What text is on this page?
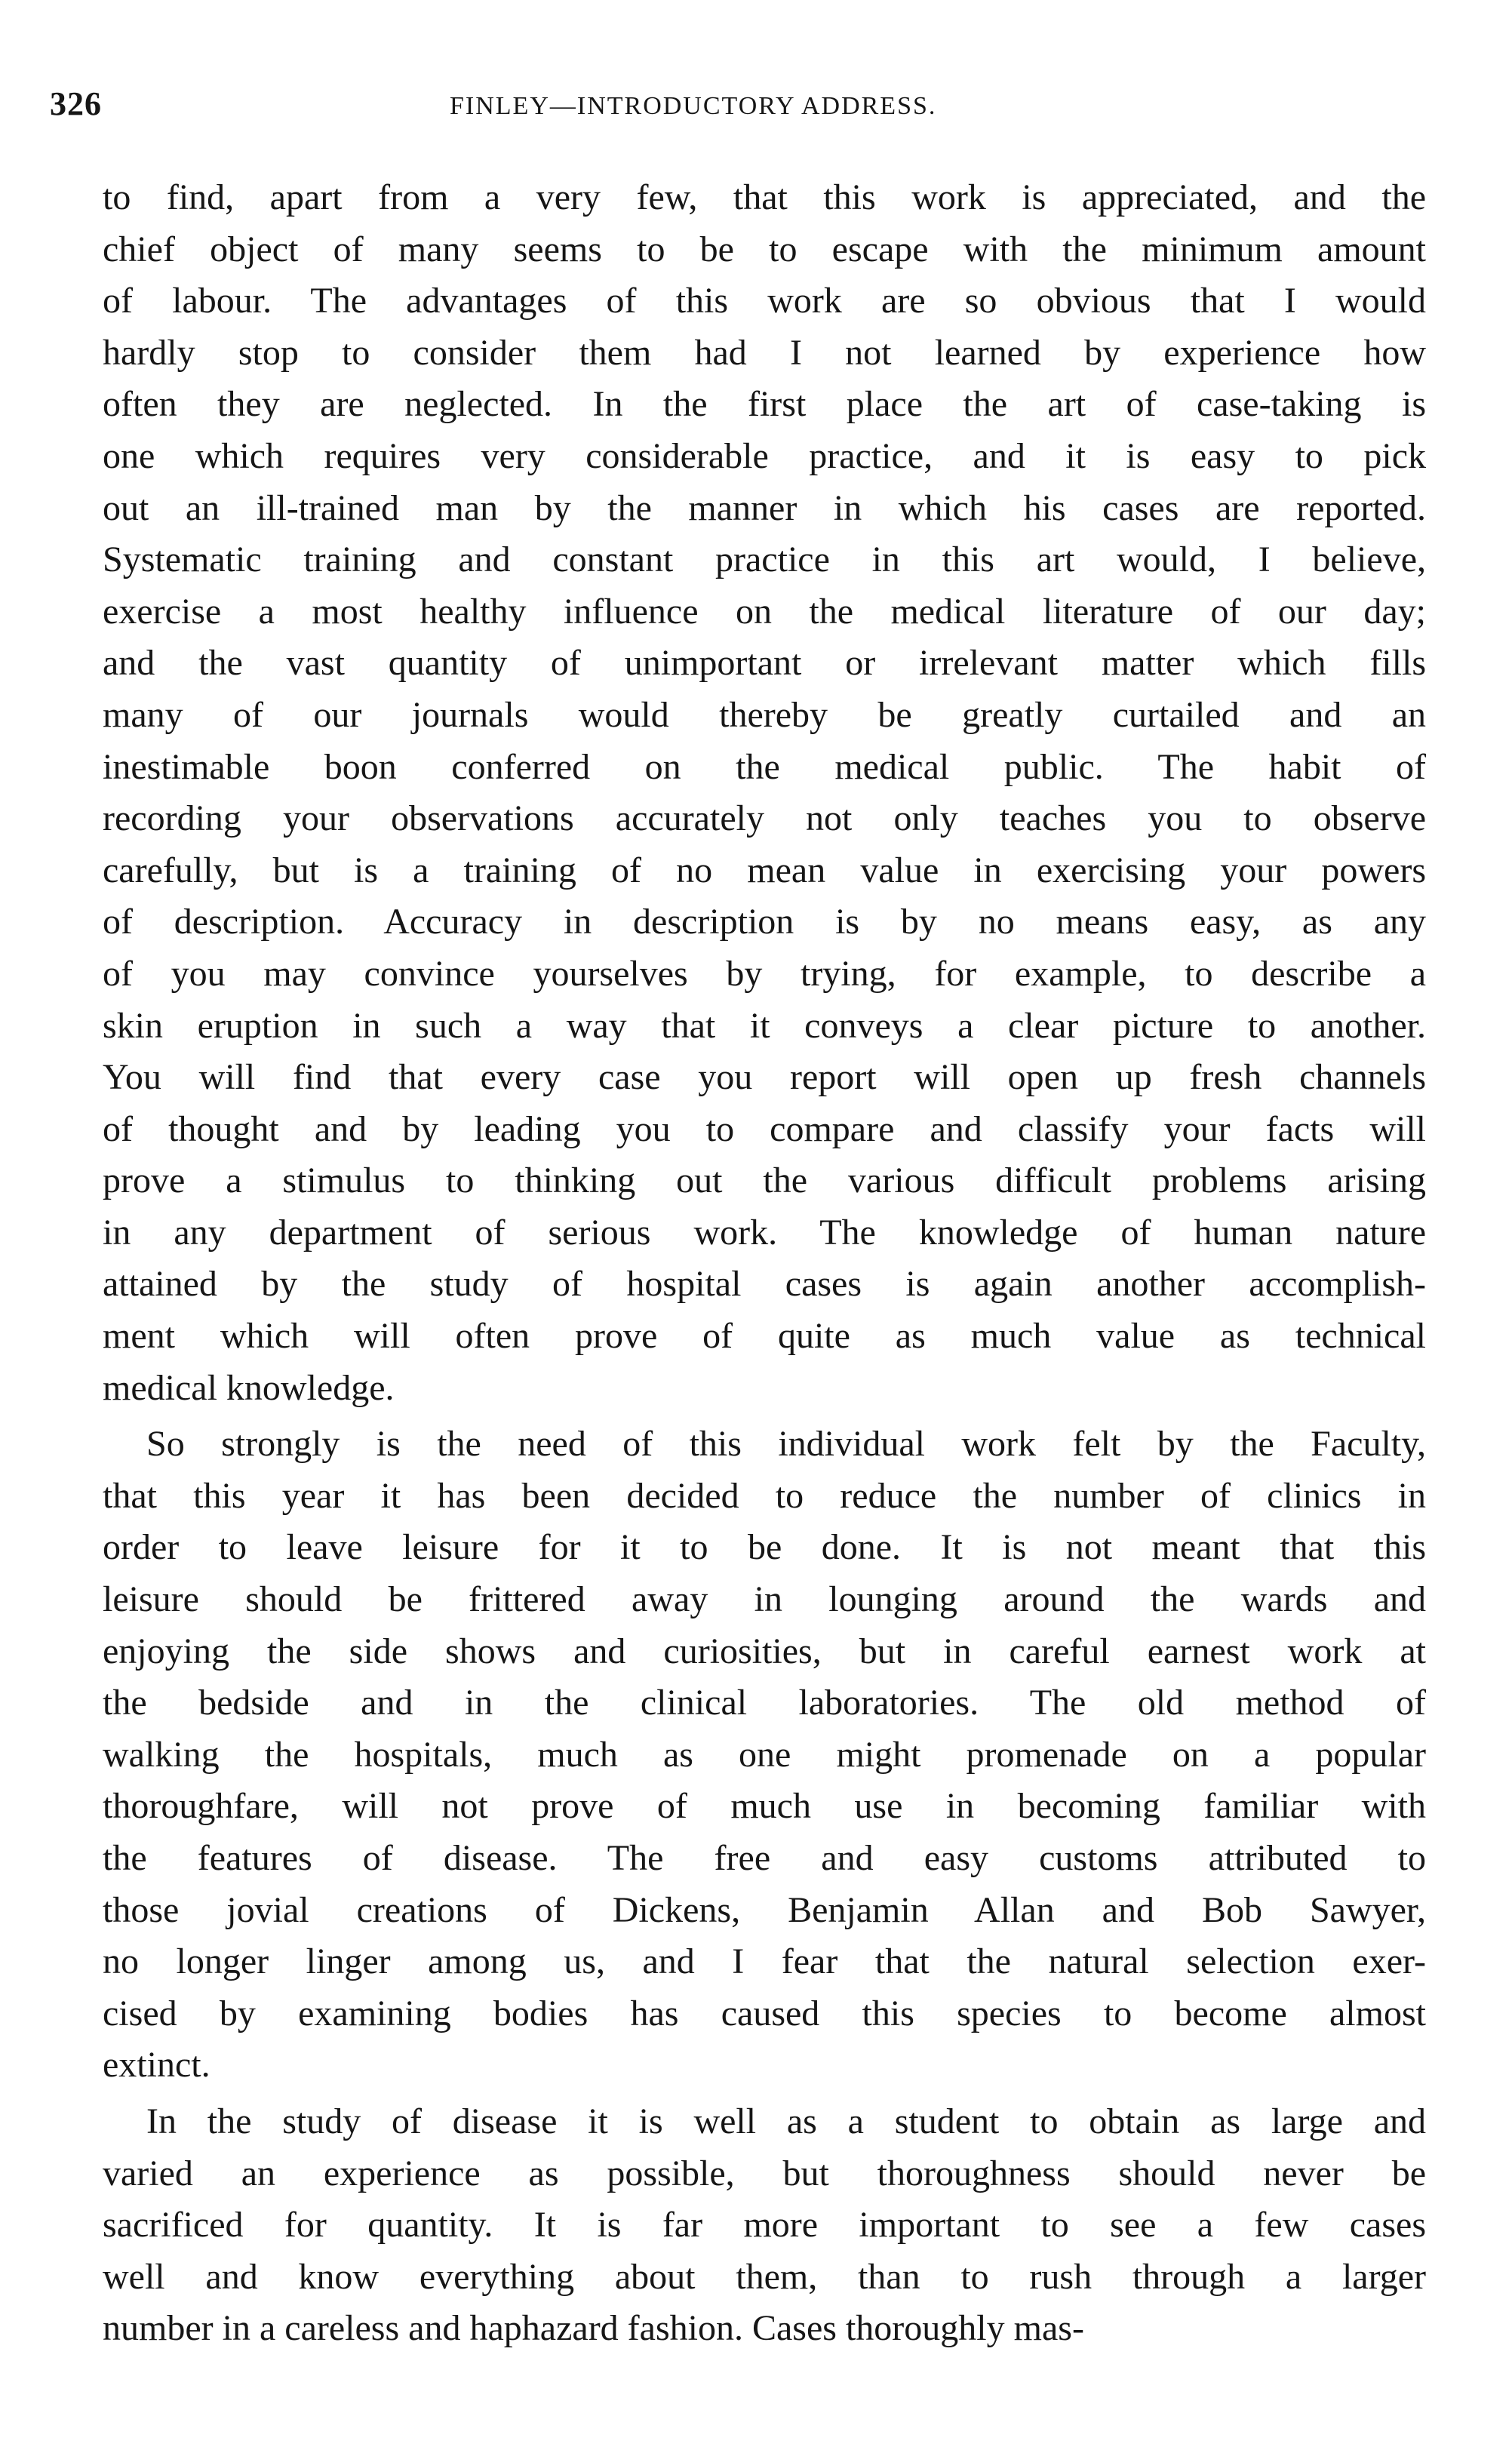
326	FINLEY—INTRODUCTORY ADDRESS.
to find, apart from a very few, that this work is appreciated, and the
chief object of many seems to be to escape with the minimum amount
of labour. The advantages of this work are so obvious that I would
hardly stop to consider them had I not learned by experience how
often they are neglected. In the first place the art of case-taking is
one which requires very considerable practice, and it is easy to pick
out an ill-trained man by the manner in which his cases are reported.
Systematic training and constant practice in this art would, I believe,
exercise a most healthy influence on the medical literature of our day;
and the vast quantity of unimportant or irrelevant matter which fills
many of our journals would thereby be greatly curtailed and an
inestimable boon conferred on the medical public. The habit of
recording your observations accurately not only teaches you to observe
carefully, but is a training of no mean value in exercising your powers
of description. Accuracy in description is by no means easy, as any
of you may convince yourselves by trying, for example, to describe a
skin eruption in such a way that it conveys a clear picture to another.
You will find that every case you report will open up fresh channels
of thought and by leading you to compare and classify your facts will
prove a stimulus to thinking out the various difficult problems arising
in any department of serious work. The knowledge of human nature
attained by the study of hospital cases is again another accomplish-
ment which will often prove of quite as much value as technical
medical knowledge.
So strongly is the need of this individual work felt by the Faculty,
that this year it has been decided to reduce the number of clinics in
order to leave leisure for it to be done. It is not meant that this
leisure should be frittered away in lounging around the wards and
enjoying the side shows and curiosities, but in careful earnest work at
the bedside and in the clinical laboratories. The old method of
walking the hospitals, much as one might promenade on a popular
thoroughfare, will not prove of much use in becoming familiar with
the features of disease. The free and easy customs attributed to
those jovial creations of Dickens, Benjamin Allan and Bob Sawyer,
no longer linger among us, and I fear that the natural selection exer-
cised by examining bodies has caused this species to become almost
extinct.
In the study of disease it is well as a student to obtain as large and
varied an experience as possible, but thoroughness should never be
sacrificed for quantity. It is far more important to see a few cases
well and know everything about them, than to rush through a larger
number in a careless and haphazard fashion. Cases thoroughly mas-
